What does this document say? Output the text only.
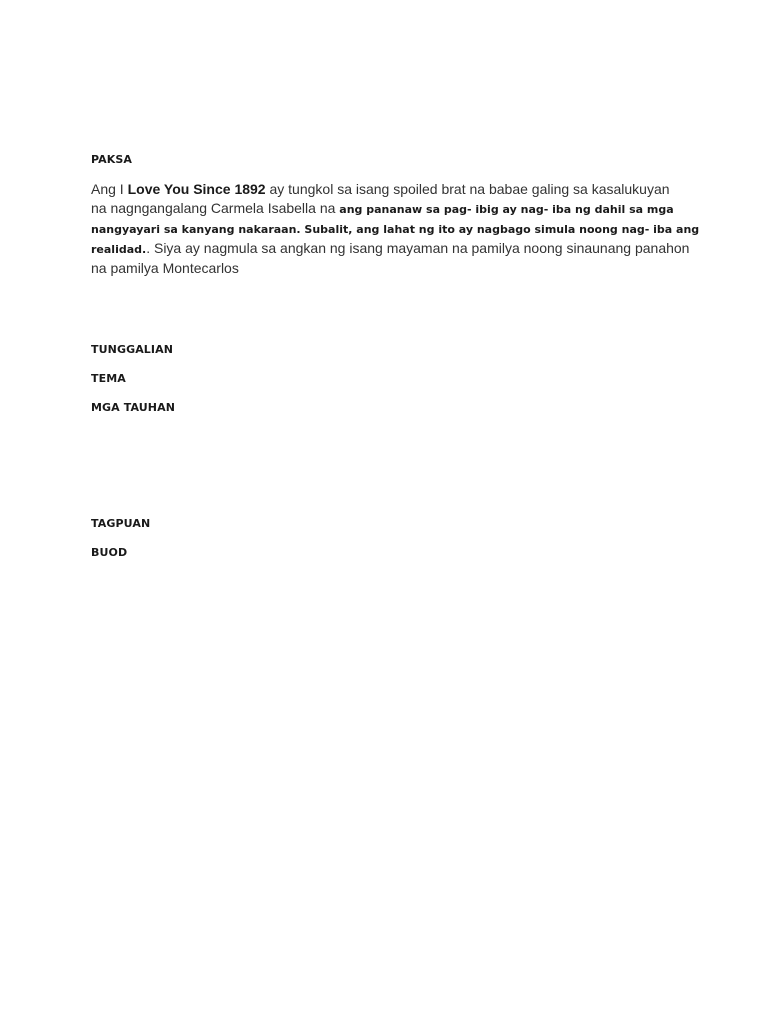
PAKSA
Ang I Love You Since 1892 ay tungkol sa isang spoiled brat na babae galing sa kasalukuyan
na nagngangalang Carmela Isabella na ang pananaw sa pag- ibig ay nag- iba ng dahil sa mga
nangyayari sa kanyang nakaraan. Subalit, ang lahat ng ito ay nagbago simula noong nag- iba ang
realidad.. Siya ay nagmula sa angkan ng isang mayaman na pamilya noong sinaunang panahon
na pamilya Montecarlos
TUNGGALIAN
TEMA
MGA TAUHAN
TAGPUAN
BUOD
